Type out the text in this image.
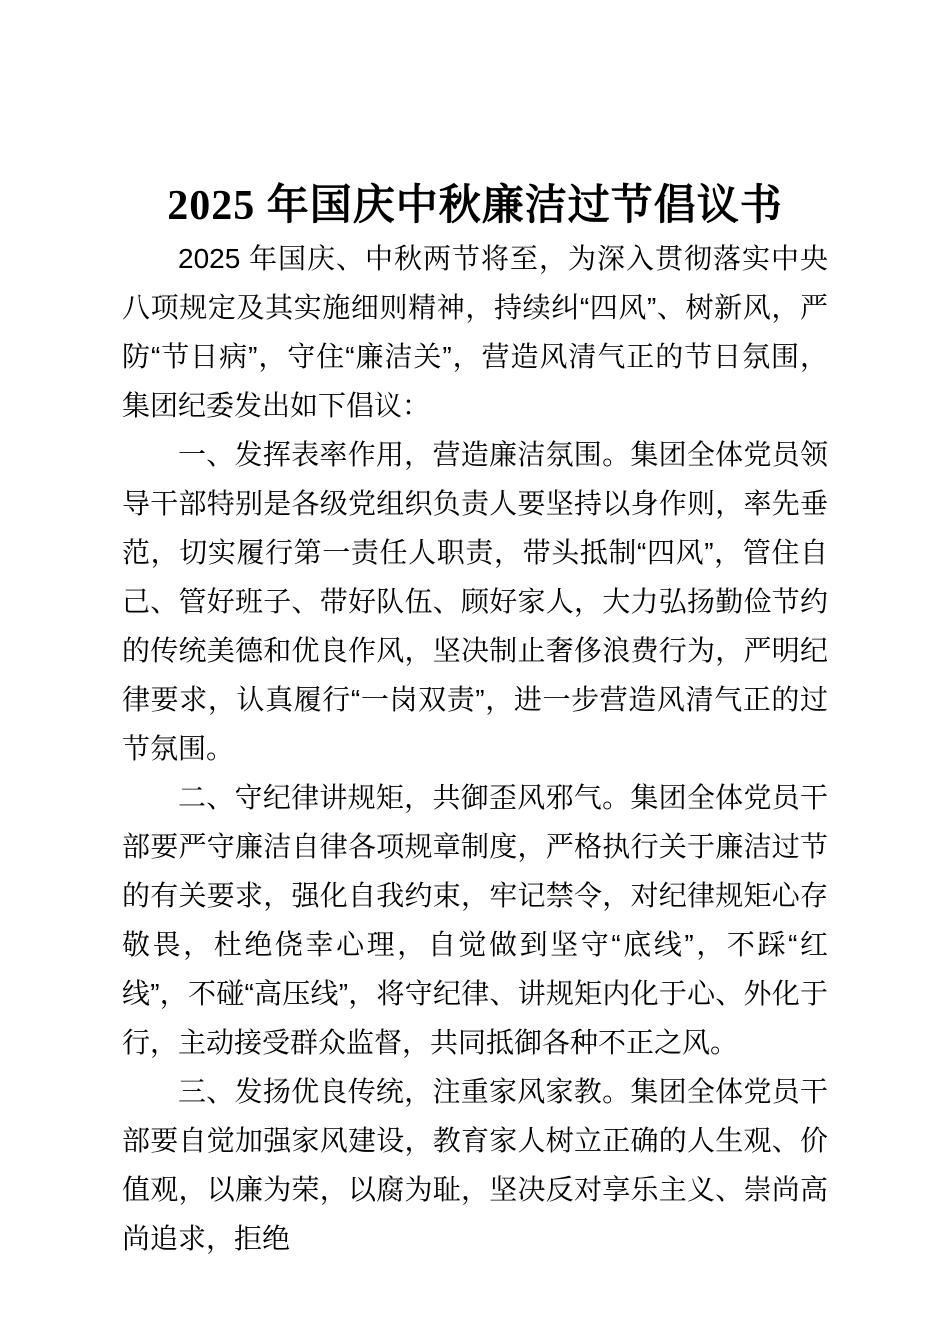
2025 年国庆中秋廉洁过节倡议书

2025 年国庆、中秋两节将至，为深入贯彻落实中央八项规定及其实施细则精神，持续纠“四风”、树新风，严防“节日病”，守住“廉洁关”，营造风清气正的节日氛围，集团纪委发出如下倡议：

一、发挥表率作用，营造廉洁氛围。集团全体党员领导干部特别是各级党组织负责人要坚持以身作则，率先垂范，切实履行第一责任人职责，带头抵制“四风”，管住自己、管好班子、带好队伍、顾好家人，大力弘扬勤俭节约的传统美德和优良作风，坚决制止奢侈浪费行为，严明纪律要求，认真履行“一岗双责”，进一步营造风清气正的过节氛围。

二、守纪律讲规矩，共御歪风邪气。集团全体党员干部要严守廉洁自律各项规章制度，严格执行关于廉洁过节的有关要求，强化自我约束，牢记禁令，对纪律规矩心存敬畏，杜绝侥幸心理，自觉做到坚守“底线”，不踩“红线”，不碰“高压线”，将守纪律、讲规矩内化于心、外化于行，主动接受群众监督，共同抵御各种不正之风。

三、发扬优良传统，注重家风家教。集团全体党员干部要自觉加强家风建设，教育家人树立正确的人生观、价值观，以廉为荣，以腐为耻，坚决反对享乐主义、崇尚高尚追求，拒绝
